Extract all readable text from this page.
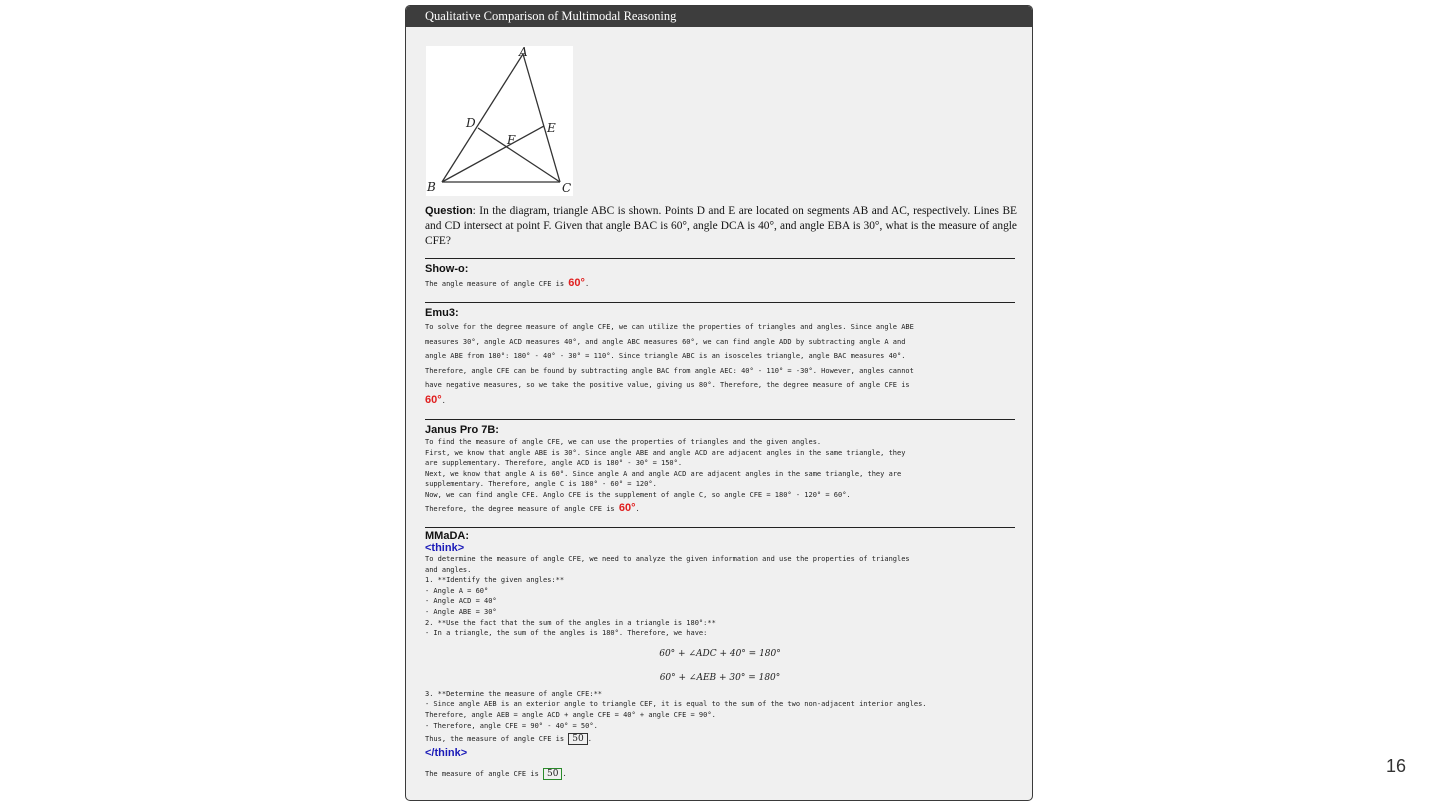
Qualitative Comparison of Multimodal Reasoning
A
B	C
D	E
F
Question: In the diagram, triangle ABC is shown. Points D and E are located on segments AB and AC, respectively. Lines BE and CD intersect at point F. Given that angle BAC is 60°, angle DCA is 40°, and angle EBA is 30°, what is the measure of angle CFE?
Show-o:
The angle measure of angle CFE is 60°.
Emu3:
To solve for the degree measure of angle CFE, we can utilize the properties of triangles and angles. Since angle ABE
measures 30°, angle ACD measures 40°, and angle ABC measures 60°, we can find angle ADD by subtracting angle A and
angle ABE from 180°: 180° - 40° - 30° = 110°. Since triangle ABC is an isosceles triangle, angle BAC measures 40°.
Therefore, angle CFE can be found by subtracting angle BAC from angle AEC: 40° - 110° = -30°. However, angles cannot
have negative measures, so we take the positive value, giving us 80°. Therefore, the degree measure of angle CFE is
60°.
Janus Pro 7B:
To find the measure of angle CFE, we can use the properties of triangles and the given angles.
First, we know that angle ABE is 30°. Since angle ABE and angle ACD are adjacent angles in the same triangle, they
are supplementary. Therefore, angle ACD is 180° - 30° = 150°.
Next, we know that angle A is 60°. Since angle A and angle ACD are adjacent angles in the same triangle, they are
supplementary. Therefore, angle C is 180° - 60° = 120°.
Now, we can find angle CFE. Anglo CFE is the supplement of angle C, so angle CFE = 180° - 120° = 60°.
Therefore, the degree measure of angle CFE is 60°.
MMaDA:
<think>
To determine the measure of angle CFE, we need to analyze the given information and use the properties of triangles
and angles.
1. **Identify the given angles:**
- Angle A = 60°
- Angle ACD = 40°
- Angle ABE = 30°
2. **Use the fact that the sum of the angles in a triangle is 180°:**
- In a triangle, the sum of the angles is 180°. Therefore, we have:
60° + ∠ADC + 40° = 180°
60° + ∠AEB + 30° = 180°
3. **Determine the measure of angle CFE:**
- Since angle AEB is an exterior angle to triangle CEF, it is equal to the sum of the two non-adjacent interior angles.
Therefore, angle AEB = angle ACD + angle CFE = 40° + angle CFE = 90°.
- Therefore, angle CFE = 90° - 40° = 50°.
Thus, the measure of angle CFE is 50 .
</think>
The measure of angle CFE is 50 .	16
